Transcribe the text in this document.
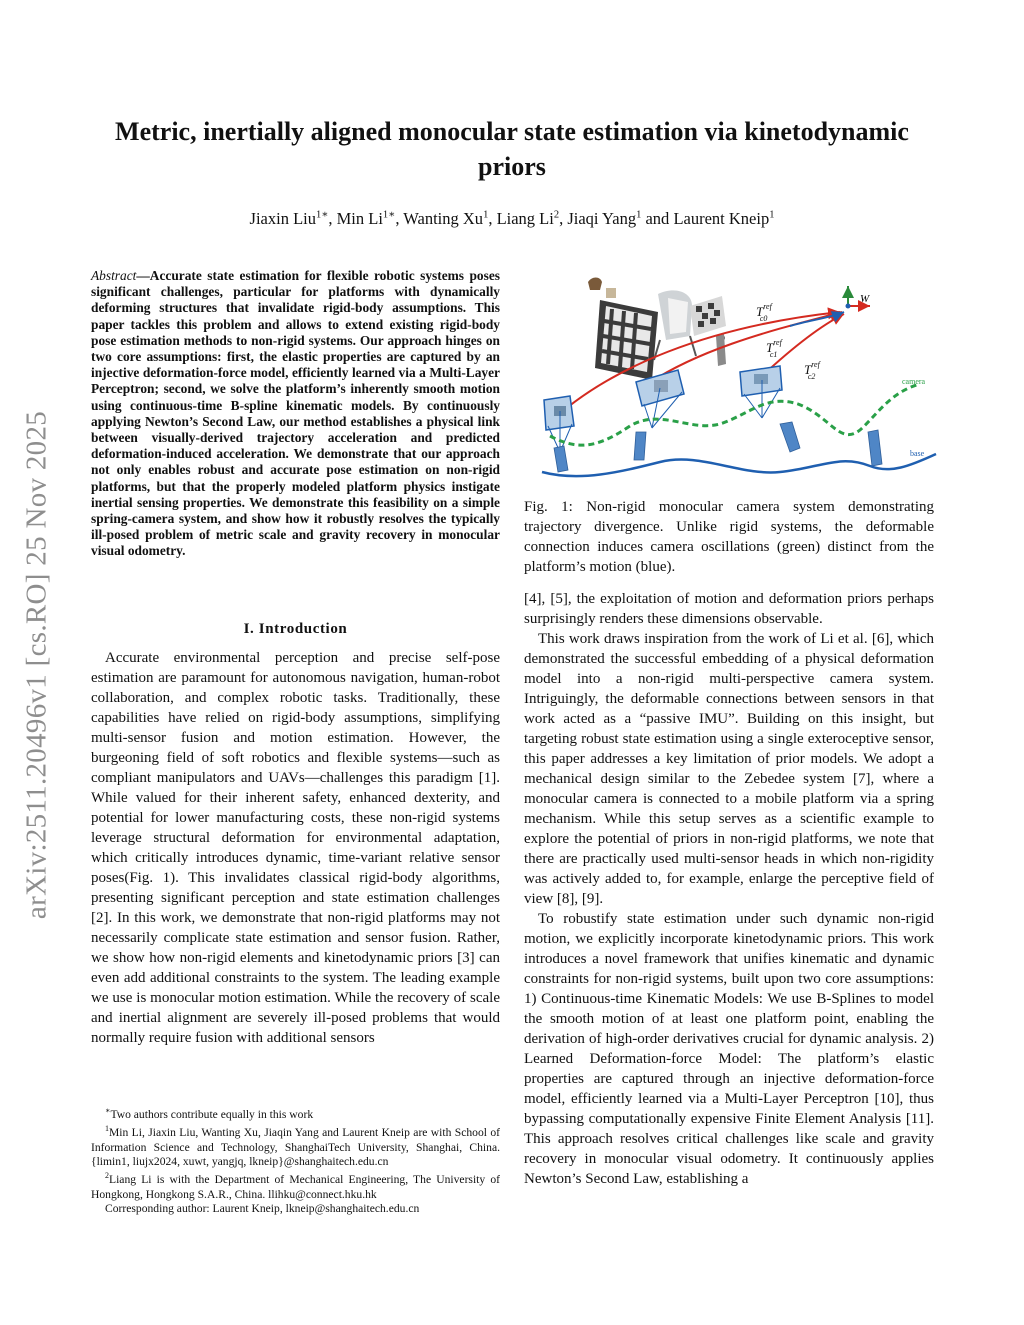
arXiv:2511.20496v1 [cs.RO] 25 Nov 2025
Metric, inertially aligned monocular state estimation via kinetodynamic priors

Jiaxin Liu$^{1∗}$, Min $Li^{1∗}$, Wanting Xu$^1$, Liang Li$^2$, Jiaqi Yang$^1$ and Laurent Kneip$^1$

Abstract—Accurate state estimation for flexible robotic systems poses significant challenges, particular for platforms with dynamically deforming structures that invalidate rigid-body assumptions. This paper tackles this problem and allows to extend existing rigid-body pose estimation methods to non-rigid systems. Our approach hinges on two core assumptions: first, the elastic properties are captured by an injective deformation-force model, efficiently learned via a Multi-Layer Perceptron; second, we solve the platform’s inherently smooth motion using continuous-time B-spline kinematic models. By continuously applying Newton’s Second Law, our method establishes a physical link between visually-derived trajectory acceleration and predicted deformation-induced acceleration. We demonstrate that our approach not only enables robust and accurate pose estimation on non-rigid platforms, but that the properly modeled platform physics instigate inertial sensing properties. We demonstrate this feasibility on a simple spring-camera system, and show how it robustly resolves the typically ill-posed problem of metric scale and gravity recovery in monocular visual odometry.

I. Introduction

Accurate environmental perception and precise self-pose estimation are paramount for autonomous navigation, human-robot collaboration, and complex robotic tasks. Traditionally, these capabilities have relied on rigid-body assumptions, simplifying multi-sensor fusion and motion estimation. However, the burgeoning field of soft robotics and flexible systems—such as compliant manipulators and UAVs—challenges this paradigm [1]. While valued for their inherent safety, enhanced dexterity, and potential for lower manufacturing costs, these non-rigid systems leverage structural deformation for environmental adaptation, which critically introduces dynamic, time-variant relative sensor poses(Fig. 1). This invalidates classical rigid-body algorithms, presenting significant perception and state estimation challenges [2]. In this work, we demonstrate that non-rigid platforms may not necessarily complicate state estimation and sensor fusion. Rather, we show how non-rigid elements and kinetodynamic priors [3] can even add additional constraints to the system. The leading example we use is monocular motion estimation. While the recovery of scale and inertial alignment are severely ill-posed problems that would normally require fusion with additional sensors

∗Two authors contribute equally in this work

$^1$Min Li, Jiaxin Liu, Wanting Xu, Jiaqin Yang and Laurent Kneip are with School of Information Science and Technology, ShanghaiTech University, Shanghai, China. {limin1, liujx2024, xuwt, yangjq, lkneip}@shanghaitech.edu.cn

$^2$Liang Li is with the Department of Mechanical Engineering, The University of Hongkong, Hongkong S.A.R., China. llihku@connect.hku.hk

Corresponding author: Laurent Kneip, lkneip@shanghaitech.edu.cn

W
$T^{ref}$ c0
$T^{ref}$ c1
$T^{ref}$ c2
camera
base

Fig. 1: Non-rigid monocular camera system demonstrating trajectory divergence. Unlike rigid systems, the deformable connection induces camera oscillations (green) distinct from the platform’s motion (blue).

[4], [5], the exploitation of motion and deformation priors perhaps surprisingly renders these dimensions observable.

This work draws inspiration from the work of Li et al. [6], which demonstrated the successful embedding of a physical deformation model into a non-rigid multi-perspective camera system. Intriguingly, the deformable connections between sensors in that work acted as a “passive IMU”. Building on this insight, but targeting robust state estimation using a single exteroceptive sensor, this paper addresses a key limitation of prior models. We adopt a mechanical design similar to the Zebedee system [7], where a monocular camera is connected to a mobile platform via a spring mechanism. While this setup serves as a scientific example to explore the potential of priors in non-rigid platforms, we note that there are practically used multi-sensor heads in which non-rigidity was actively added to, for example, enlarge the perceptive field of view [8], [9].

To robustify state estimation under such dynamic non-rigid motion, we explicitly incorporate kinetodynamic priors. This work introduces a novel framework that unifies kinematic and dynamic constraints for non-rigid systems, built upon two core assumptions: 1) Continuous-time Kinematic Models: We use B-Splines to model the smooth motion of at least one platform point, enabling the derivation of high-order derivatives crucial for dynamic analysis. 2) Learned Deformation-force Model: The platform’s elastic properties are captured through an injective deformation-force model, efficiently learned via a Multi-Layer Perceptron [10], thus bypassing computationally expensive Finite Element Analysis [11]. This approach resolves critical challenges like scale and gravity recovery in monocular visual odometry. It continuously applies Newton’s Second Law, establishing a
